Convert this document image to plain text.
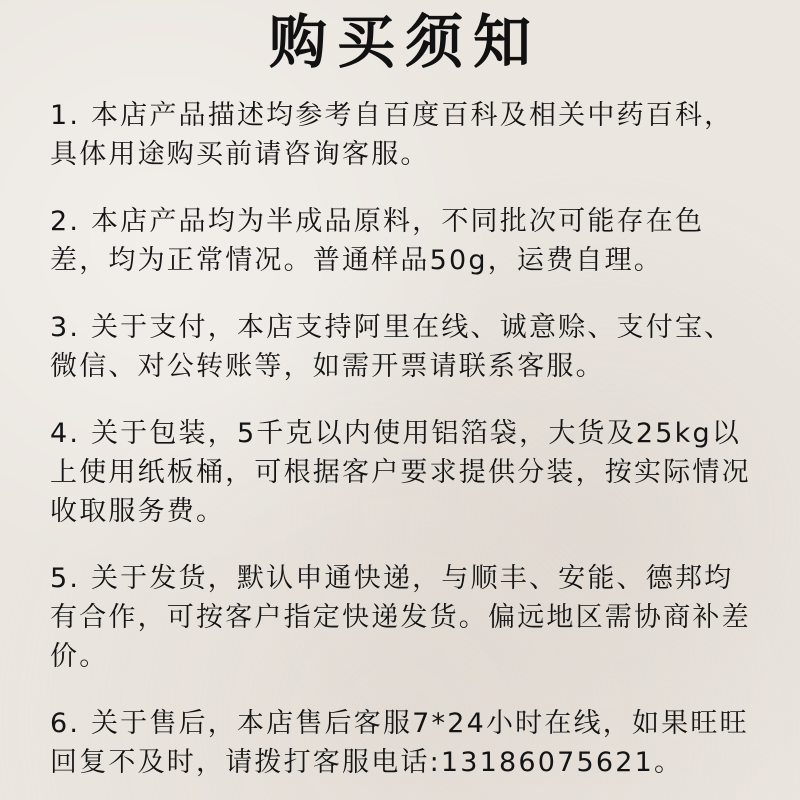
购买须知

1. 本店产品描述均参考自百度百科及相关中药百科，具体用途购买前请咨询客服。

2. 本店产品均为半成品原料，不同批次可能存在色差，均为正常情况。普通样品50g，运费自理。

3. 关于支付，本店支持阿里在线、诚意赊、支付宝、微信、对公转账等，如需开票请联系客服。

4. 关于包装，5千克以内使用铝箔袋，大货及25kg以上使用纸板桶，可根据客户要求提供分装，按实际情况收取服务费。

5. 关于发货，默认申通快递，与顺丰、安能、德邦均有合作，可按客户指定快递发货。偏远地区需协商补差价。

6. 关于售后，本店售后客服7*24小时在线，如果旺旺回复不及时，请拨打客服电话:13186075621。
